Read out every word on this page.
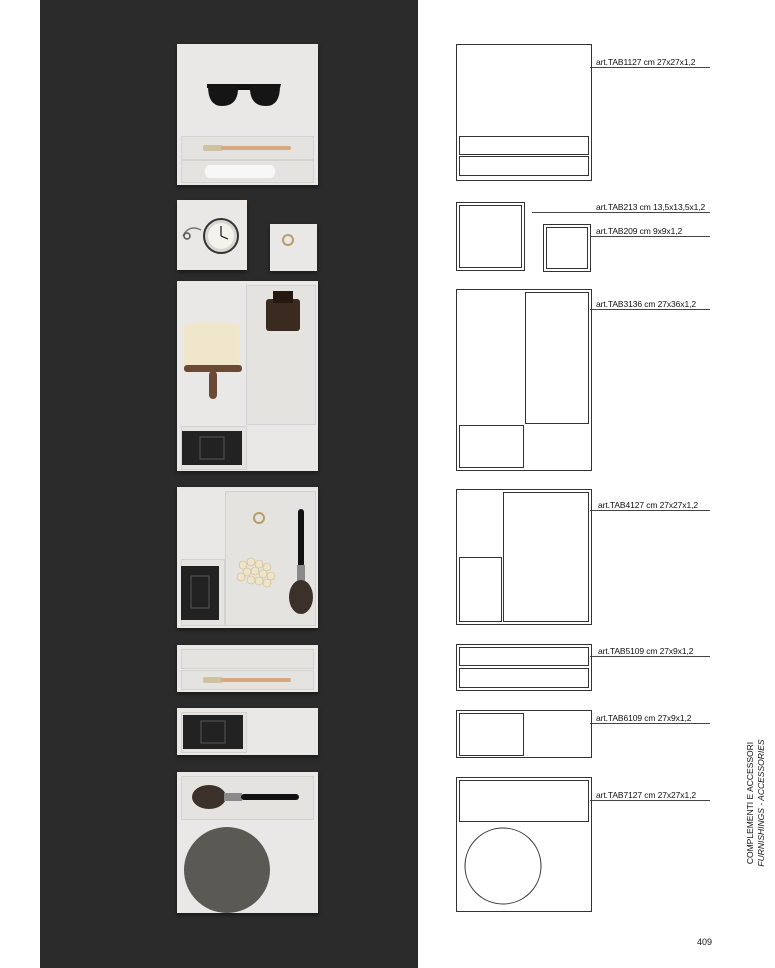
art.TAB1127 cm 27x27x1,2
art.TAB213 cm 13,5x13,5x1,2
art.TAB209 cm 9x9x1,2
art.TAB3136 cm 27x36x1,2
art.TAB4127 cm 27x27x1,2
art.TAB5109 cm 27x9x1,2
art.TAB6109 cm 27x9x1,2
art.TAB7127 cm 27x27x1,2	COMPLEMENTI E ACCESSORI FURNISHINGS - ACCESSORIES
409
